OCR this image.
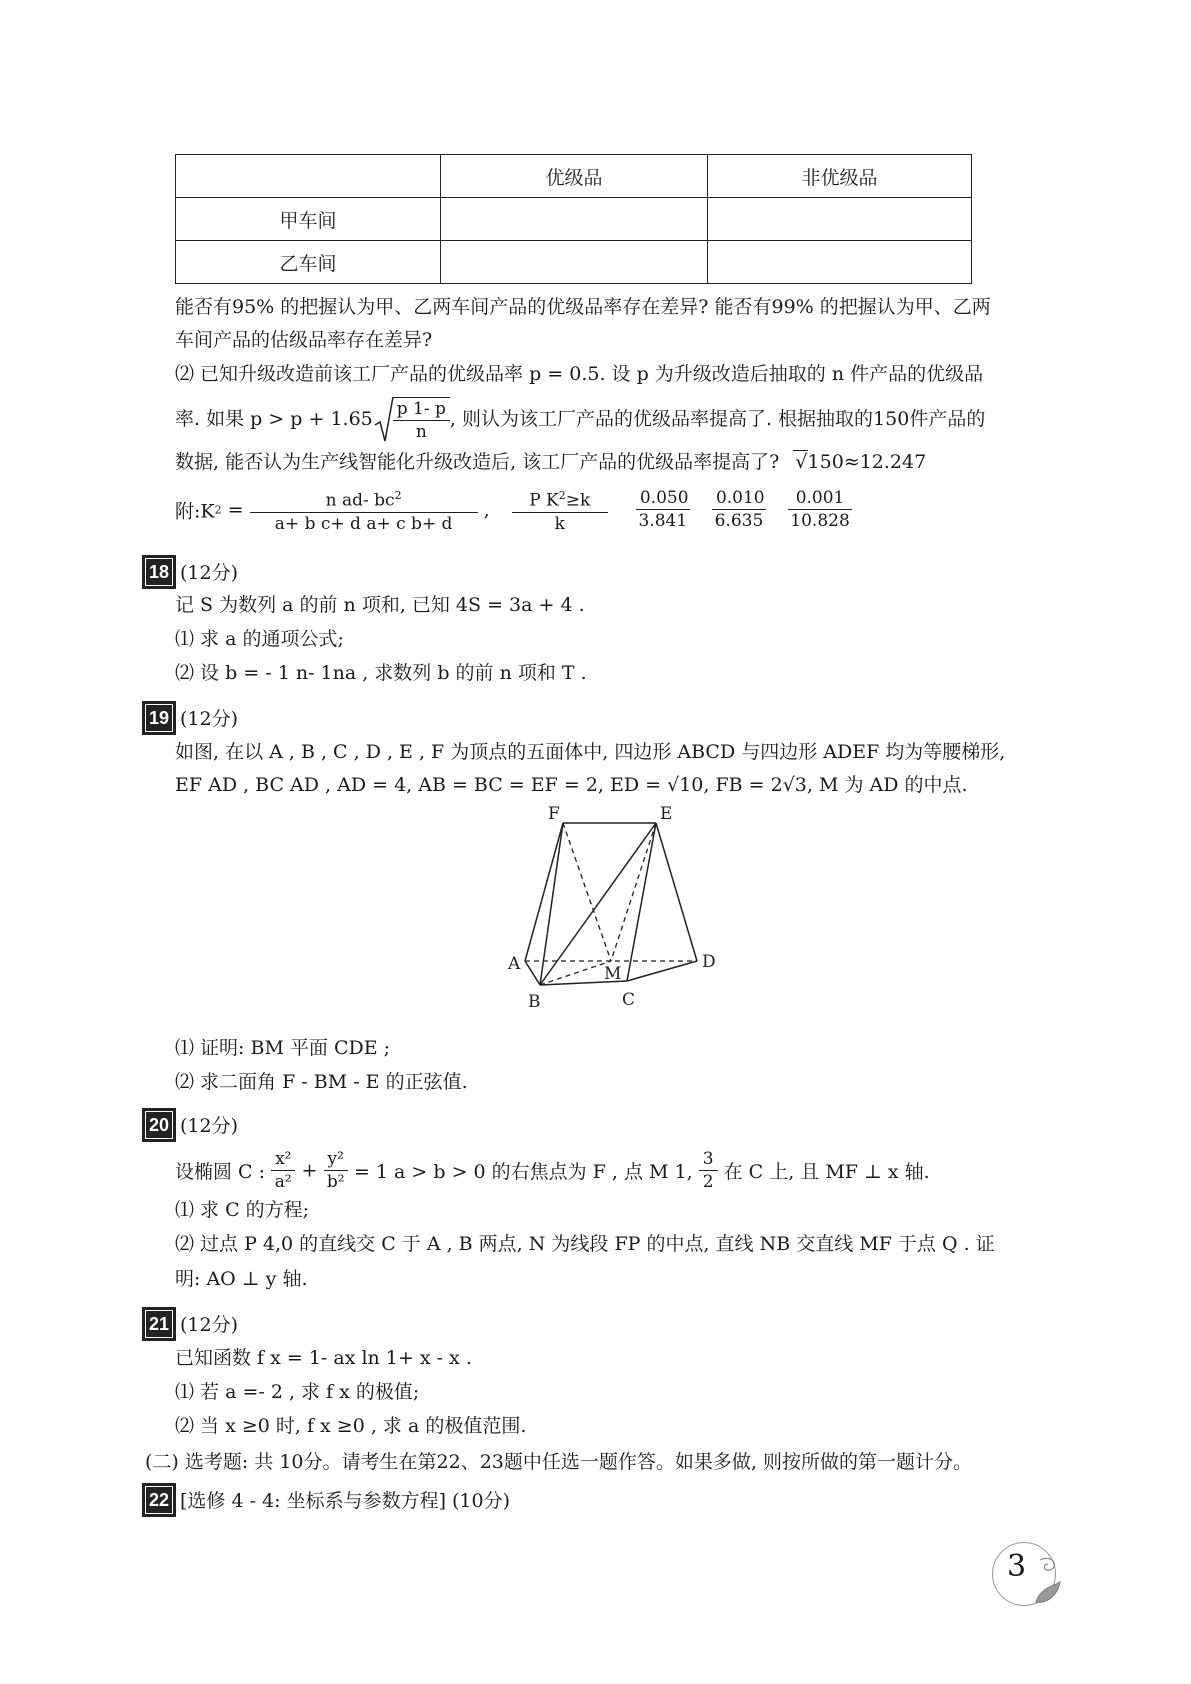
	优级品	非优级品
甲车间		
乙车间		
能否有95% 的把握认为甲、乙两车间产品的优级品率存在差异? 能否有99% 的把握认为甲、乙两
车间产品的估级品率存在差异?
⑵ 已知升级改造前该工厂产品的优级品率 p = 0.5. 设 p 为升级改造后抽取的 n 件产品的优级品
率. 如果 $p > p + 1.65 \frac{p 1- p}{n}$ , 则认为该工厂产品的优级品率提高了. 根据抽取的150件产品的
数据, 能否认为生产线智能化升级改造后, 该工厂产品的优级品率提高了? √150≈12.247
附:K2 = $\frac{n ad- bc^2}{\text{a+ b c+ d a+ c b+ d}}$ , $\frac{P K^2\ge k}{k}$
$\frac{0.050}{3.841}$
$\frac{0.010}{6.635}$
$\frac{0.001}{10.828}$
18 (12分)
记 S 为数列 a 的前 n 项和, 已知 4S = 3a + 4 .
⑴ 求 a 的通项公式;
⑵ 设 b = - 1 n- 1na , 求数列 b 的前 n 项和 T .
19 (12分)
如图, 在以 A , B , C , D , E , F 为顶点的五面体中, 四边形 ABCD 与四边形 ADEF 均为等腰梯形,
EF AD , BC AD , AD = 4, AB = BC = EF = 2, ED = √10, FB = 2√3, M 为 AD 的中点.
F	E
A	D
M
B	C
⑴ 证明: BM 平面 CDE ;
⑵ 求二面角 F - BM - E 的正弦值.
20 (12分)
设椭圆 C : $\frac{\text{x²}}{\text{a²}} + \frac{\text{y²}}{\text{b²}} = 1$ a > b > 0 的右焦点为 F , 点 M 1, $\frac{3}{2}$ 在 C 上, 且 MF ⊥ x 轴.
⑴ 求 C 的方程;
⑵ 过点 P 4,0 的直线交 C 于 A , B 两点, N 为线段 FP 的中点, 直线 NB 交直线 MF 于点 Q . 证
明: AO ⊥ y 轴.
21 (12分)
已知函数 f x = 1- ax ln 1+ x - x .
⑴ 若 a =- 2 , 求 f x 的极值;
⑵ 当 x ≥0 时, f x ≥0 , 求 a 的极值范围.
(二) 选考题: 共 10分。请考生在第22、23题中任选一题作答。如果多做, 则按所做的第一题计分。
22 [选修 4 - 4: 坐标系与参数方程] (10分)
3
